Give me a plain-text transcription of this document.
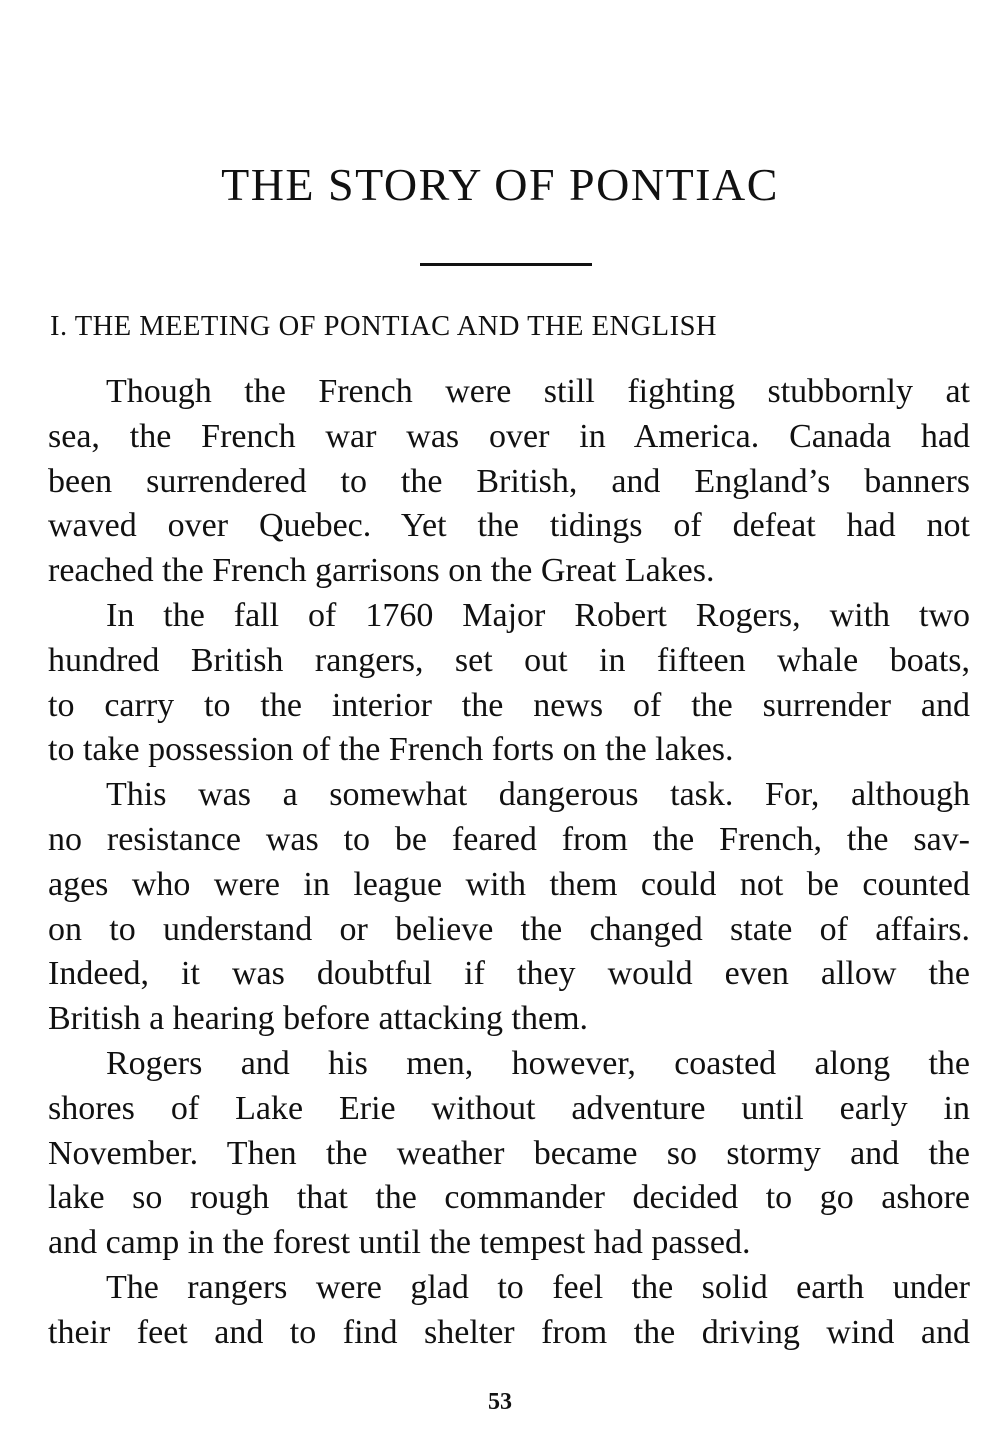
THE STORY OF PONTIAC
I. THE MEETING OF PONTIAC AND THE ENGLISH
Though the French were still fighting stubbornly at
sea, the French war was over in America. Canada had
been surrendered to the British, and England’s banners
waved over Quebec. Yet the tidings of defeat had not
reached the French garrisons on the Great Lakes.
In the fall of 1760 Major Robert Rogers, with two
hundred British rangers, set out in fifteen whale boats,
to carry to the interior the news of the surrender and
to take possession of the French forts on the lakes.
This was a somewhat dangerous task. For, although
no resistance was to be feared from the French, the sav-
ages who were in league with them could not be counted
on to understand or believe the changed state of affairs.
Indeed, it was doubtful if they would even allow the
British a hearing before attacking them.
Rogers and his men, however, coasted along the
shores of Lake Erie without adventure until early in
November. Then the weather became so stormy and the
lake so rough that the commander decided to go ashore
and camp in the forest until the tempest had passed.
The rangers were glad to feel the solid earth under
their feet and to find shelter from the driving wind and
53
